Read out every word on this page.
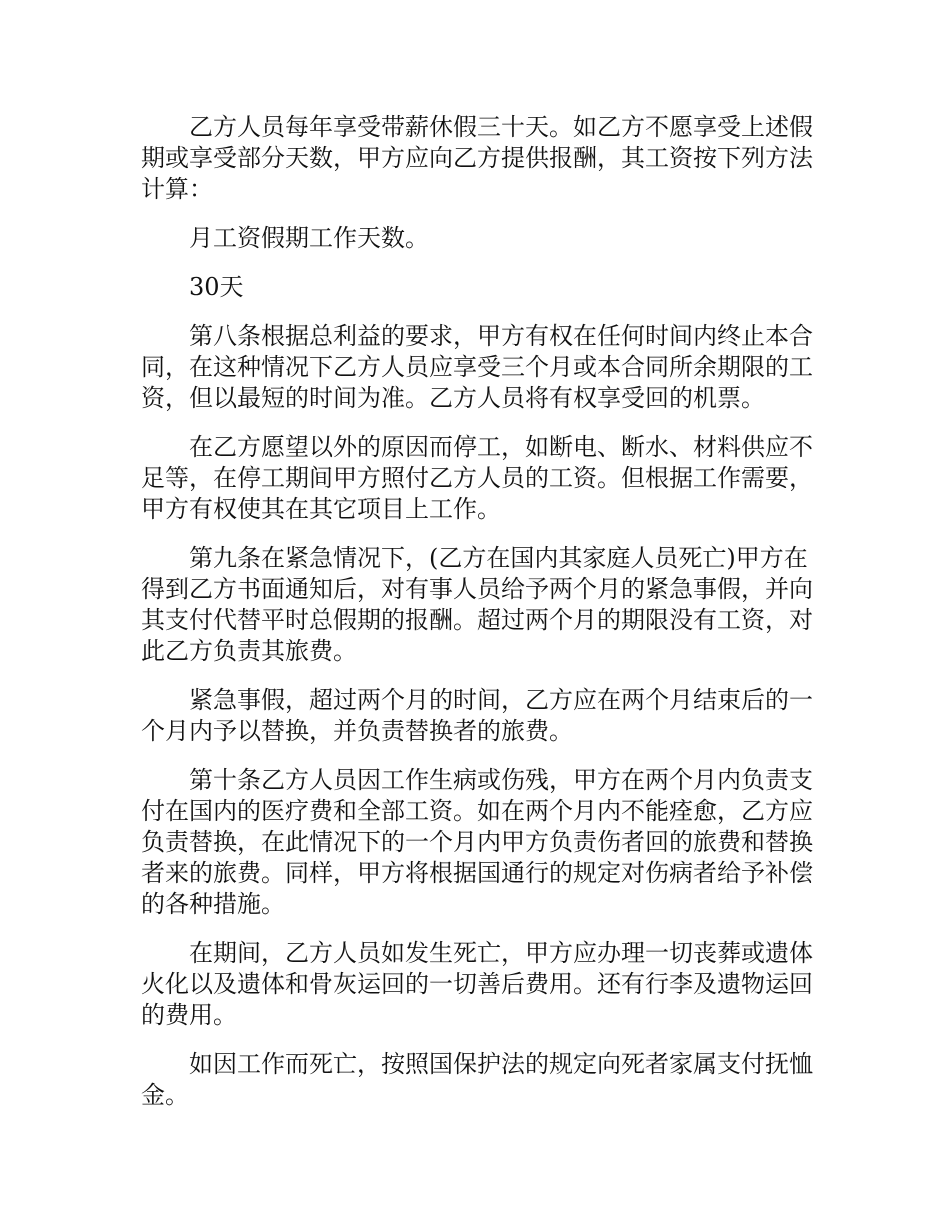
乙方人员每年享受带薪休假三十天。如乙方不愿享受上述假期或享受部分天数，甲方应向乙方提供报酬，其工资按下列方法计算：

月工资假期工作天数。

30天

第八条根据总利益的要求，甲方有权在任何时间内终止本合同，在这种情况下乙方人员应享受三个月或本合同所余期限的工资，但以最短的时间为准。乙方人员将有权享受回的机票。

在乙方愿望以外的原因而停工，如断电、断水、材料供应不足等，在停工期间甲方照付乙方人员的工资。但根据工作需要，甲方有权使其在其它项目上工作。

第九条在紧急情况下，(乙方在国内其家庭人员死亡)甲方在得到乙方书面通知后，对有事人员给予两个月的紧急事假，并向其支付代替平时总假期的报酬。超过两个月的期限没有工资，对此乙方负责其旅费。

紧急事假，超过两个月的时间，乙方应在两个月结束后的一个月内予以替换，并负责替换者的旅费。

第十条乙方人员因工作生病或伤残，甲方在两个月内负责支付在国内的医疗费和全部工资。如在两个月内不能痊愈，乙方应负责替换，在此情况下的一个月内甲方负责伤者回的旅费和替换者来的旅费。同样，甲方将根据国通行的规定对伤病者给予补偿的各种措施。

在期间，乙方人员如发生死亡，甲方应办理一切丧葬或遗体火化以及遗体和骨灰运回的一切善后费用。还有行李及遗物运回的费用。

如因工作而死亡，按照国保护法的规定向死者家属支付抚恤金。
